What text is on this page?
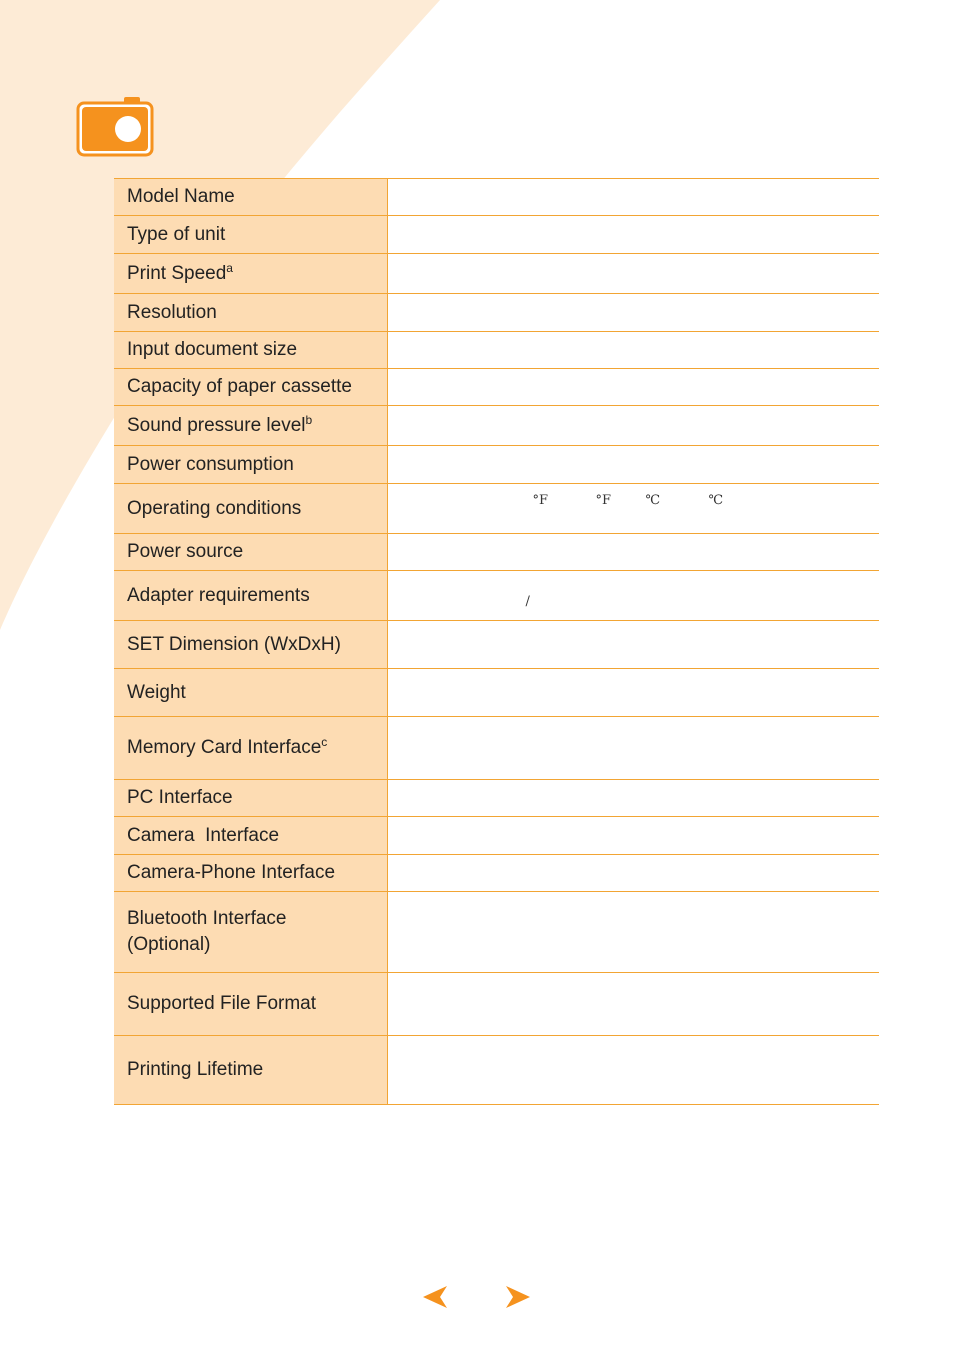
Model Name	
Type of unit	
Print Speed$^a$	
Resolution	
Input document size	
Capacity of paper cassette	
Sound pressure level$^b$	
Power consumption	
Operating conditions	°F °F ℃ ℃

Power source	
Adapter requirements	/

SET Dimension (WxDxH)	
Weight	
Memory Card Interface$^c$	
PC Interface	
Camera  Interface	
Camera-Phone Interface	
Bluetooth Interface
(Optional)	
Supported File Format	
Printing Lifetime	
